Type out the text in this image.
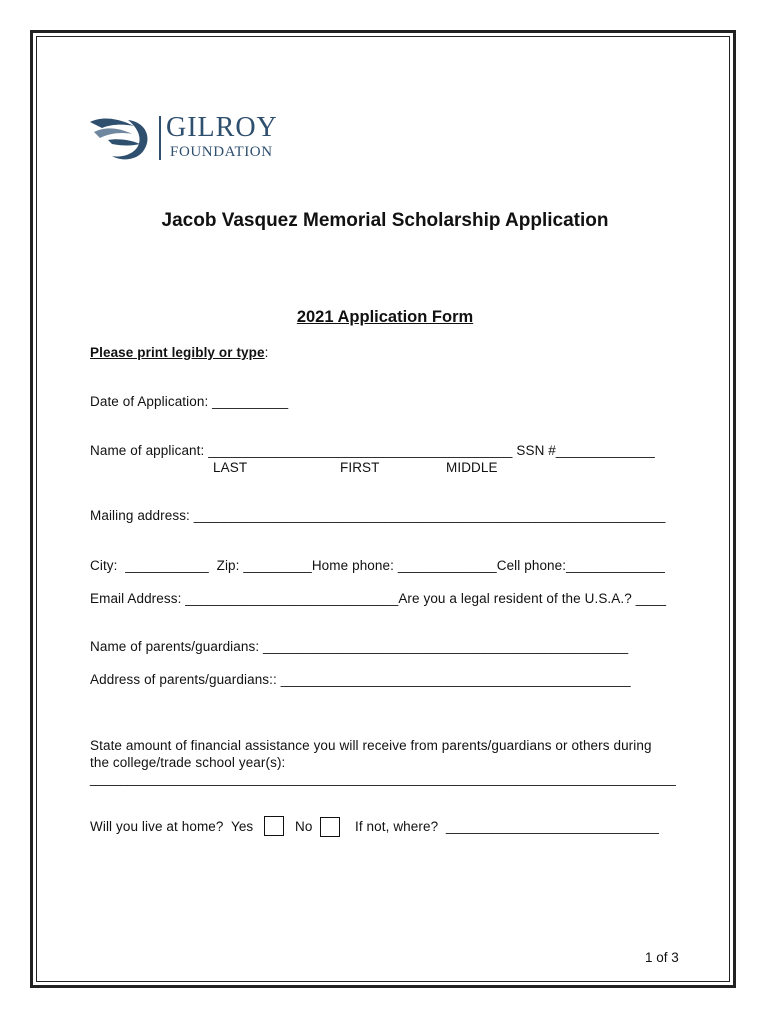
GILROY
FOUNDATION
Jacob Vasquez Memorial Scholarship Application
2021 Application Form
Please print legibly or type:
Date of Application: __________
Name of applicant: ________________________________________ SSN #_____________
LAST	FIRST	MIDDLE
Mailing address: ______________________________________________________________
City:  ___________  Zip: _________Home phone: _____________Cell phone:_____________
Email Address: ____________________________Are you a legal resident of the U.S.A.? ____
Name of parents/guardians: ________________________________________________
Address of parents/guardians:: ______________________________________________
State amount of financial assistance you will receive from parents/guardians or others during
the college/trade school year(s):
_____________________________________________________________________________
Will you live at home?  Yes	No	If not, where?  ____________________________
1 of 3
